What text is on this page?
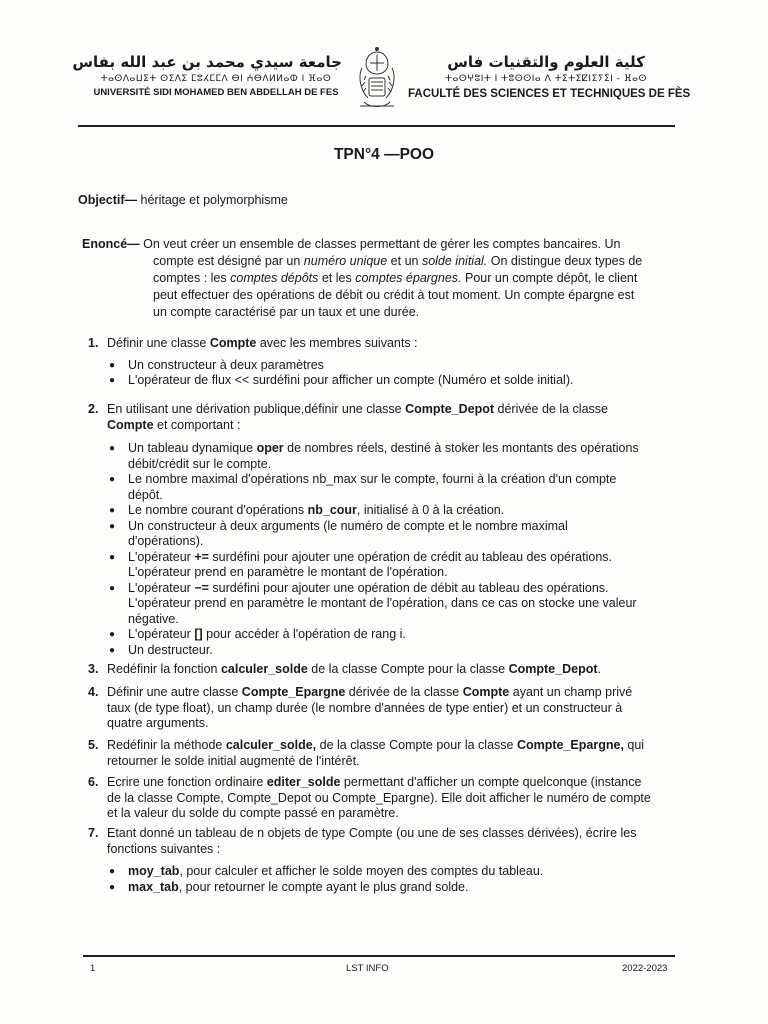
جامعة سيدي محمد بن عبد الله بفاس
ⵜⴰⵙⴷⴰⵡⵉⵜ ⵙⵉⴷⵉ ⵎⵓⵃⵎⵎⴷ ⴱⵏ ⵄⴱⴷⵍⵍⴰⵀ ⵏ ⴼⴰⵙ
UNIVERSITÉ SIDI MOHAMED BEN ABDELLAH DE FES
كلية العلوم والتقنيات فاس
ⵜⴰⵙⵖⵓⵏⵜ ⵏ ⵜⵓⵙⵙⵏⴰ ⴷ ⵜⵉⵜⵉⵇⵏⵉⵢⵉⵏ - ⴼⴰⵙ
FACULTÉ DES SCIENCES ET TECHNIQUES DE FÈS
TPN°4 —POO
Objectif— héritage et polymorphisme
Enoncé— On veut créer un ensemble de classes permettant de gérer les comptes bancaires. Un
compte est désigné par un numéro unique et un solde initial. On distingue deux types de
comptes : les comptes dépôts et les comptes épargnes. Pour un compte dépôt, le client
peut effectuer des opérations de débit ou crédit à tout moment. Un compte épargne est
un compte caractérisé par un taux et une durée.
1. Définir une classe Compte avec les membres suivants :
● Un constructeur à deux paramètres
● L'opérateur de flux << surdéfini pour afficher un compte (Numéro et solde initial).
2. En utilisant une dérivation publique,définir une classe Compte_Depot dérivée de la classe
Compte et comportant :
● Un tableau dynamique oper de nombres réels, destiné à stoker les montants des opérations
débit/crédit sur le compte.
● Le nombre maximal d'opérations nb_max sur le compte, fourni à la création d'un compte
dépôt.
● Le nombre courant d'opérations nb_cour, initialisé à 0 à la création.
● Un constructeur à deux arguments (le numéro de compte et le nombre maximal
d'opérations).
● L'opérateur += surdéfini pour ajouter une opération de crédit au tableau des opérations.
L'opérateur prend en paramètre le montant de l'opération.
● L'opérateur −= surdéfini pour ajouter une opération de débit au tableau des opérations.
L'opérateur prend en paramètre le montant de l'opération, dans ce cas on stocke une valeur
négative.
● L'opérateur [] pour accéder à l'opération de rang i.
● Un destructeur.
3. Redéfinir la fonction calculer_solde de la classe Compte pour la classe Compte_Depot.
4. Définir une autre classe Compte_Epargne dérivée de la classe Compte ayant un champ privé
taux (de type float), un champ durée (le nombre d'années de type entier) et un constructeur à
quatre arguments.
5. Redéfinir la méthode calculer_solde, de la classe Compte pour la classe Compte_Epargne, qui
retourner le solde initial augmenté de l'intérêt.
6. Ecrire une fonction ordinaire editer_solde permettant d'afficher un compte quelconque (instance
de la classe Compte, Compte_Depot ou Compte_Epargne). Elle doit afficher le numéro de compte
et la valeur du solde du compte passé en paramètre.
7. Etant donné un tableau de n objets de type Compte (ou une de ses classes dérivées), écrire les
fonctions suivantes :
● moy_tab, pour calculer et afficher le solde moyen des comptes du tableau.
● max_tab, pour retourner le compte ayant le plus grand solde.
1	LST INFO	2022-2023
